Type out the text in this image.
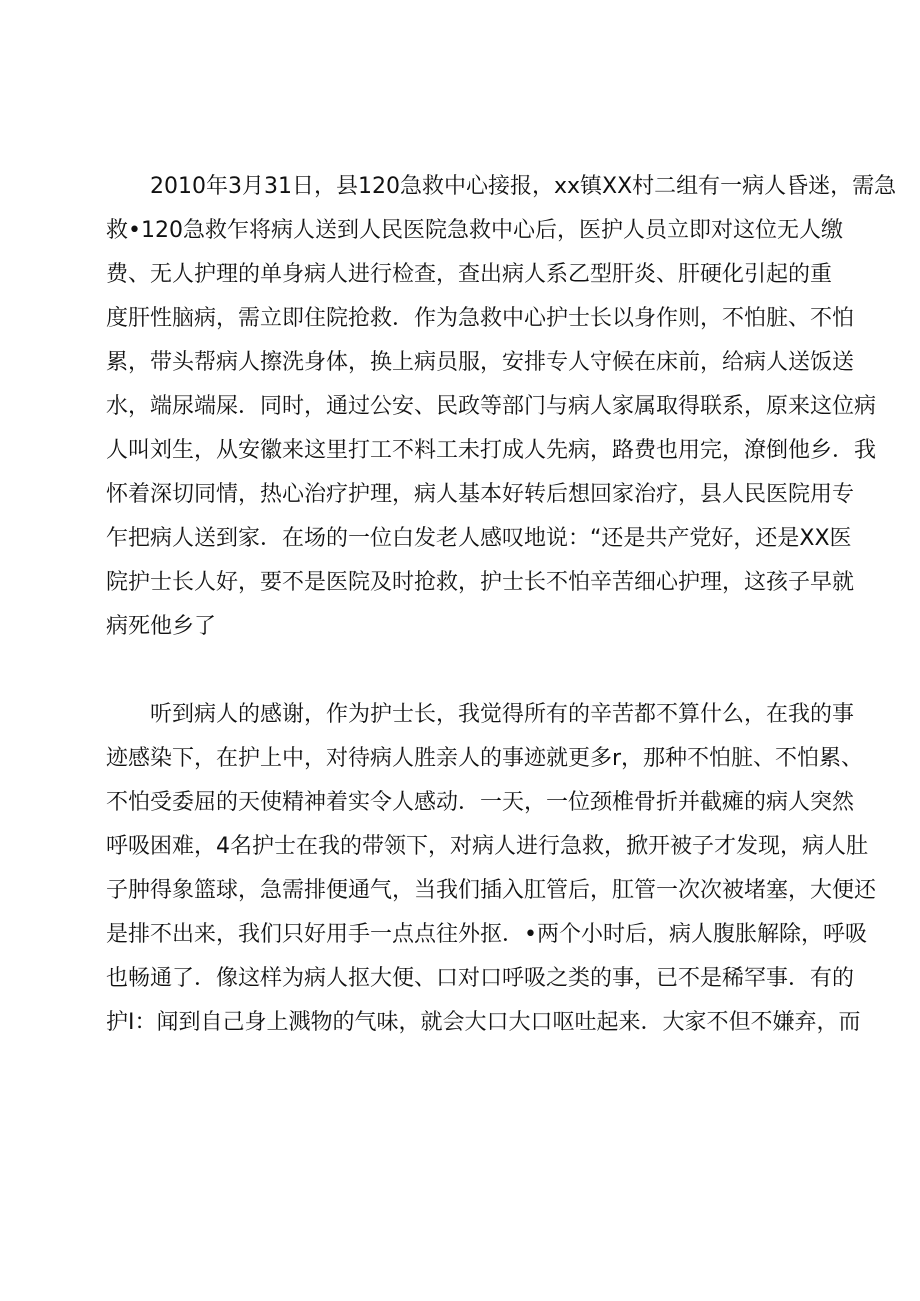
2010年3月31日，县120急救中心接报，xx镇XX村二组有一病人昏迷，需急
救•120急救乍将病人送到人民医院急救中心后，医护人员立即对这位无人缴
费、无人护理的单身病人进行检查，查出病人系乙型肝炎、肝硬化引起的重
度肝性脑病，需立即住院抢救．作为急救中心护士长以身作则，不怕脏、不怕
累，带头帮病人擦洗身体，换上病员服，安排专人守候在床前，给病人送饭送
水，端尿端屎．同时，通过公安、民政等部门与病人家属取得联系，原来这位病
人叫刘生，从安徽来这里打工不料工未打成人先病，路费也用完，潦倒他乡．我
怀着深切同情，热心治疗护理，病人基本好转后想回家治疗，县人民医院用专
乍把病人送到家．在场的一位白发老人感叹地说：“还是共产党好，还是XX医
院护士长人好，要不是医院及时抢救，护士长不怕辛苦细心护理，这孩子早就
病死他乡了
听到病人的感谢，作为护士长，我觉得所有的辛苦都不算什么，在我的事
迹感染下，在护上中，对待病人胜亲人的事迹就更多r，那种不怕脏、不怕累、
不怕受委屈的天使精神着实令人感动．一天，一位颈椎骨折并截瘫的病人突然
呼吸困难，4名护士在我的带领下，对病人进行急救，掀开被子才发现，病人肚
子肿得象篮球，急需排便通气，当我们插入肛管后，肛管一次次被堵塞，大便还
是排不出来，我们只好用手一点点往外抠．•两个小时后，病人腹胀解除，呼吸
也畅通了．像这样为病人抠大便、口对口呼吸之类的事，已不是稀罕事．有的
护I：闻到自己身上溅物的气味，就会大口大口呕吐起来．大家不但不嫌弃，而
